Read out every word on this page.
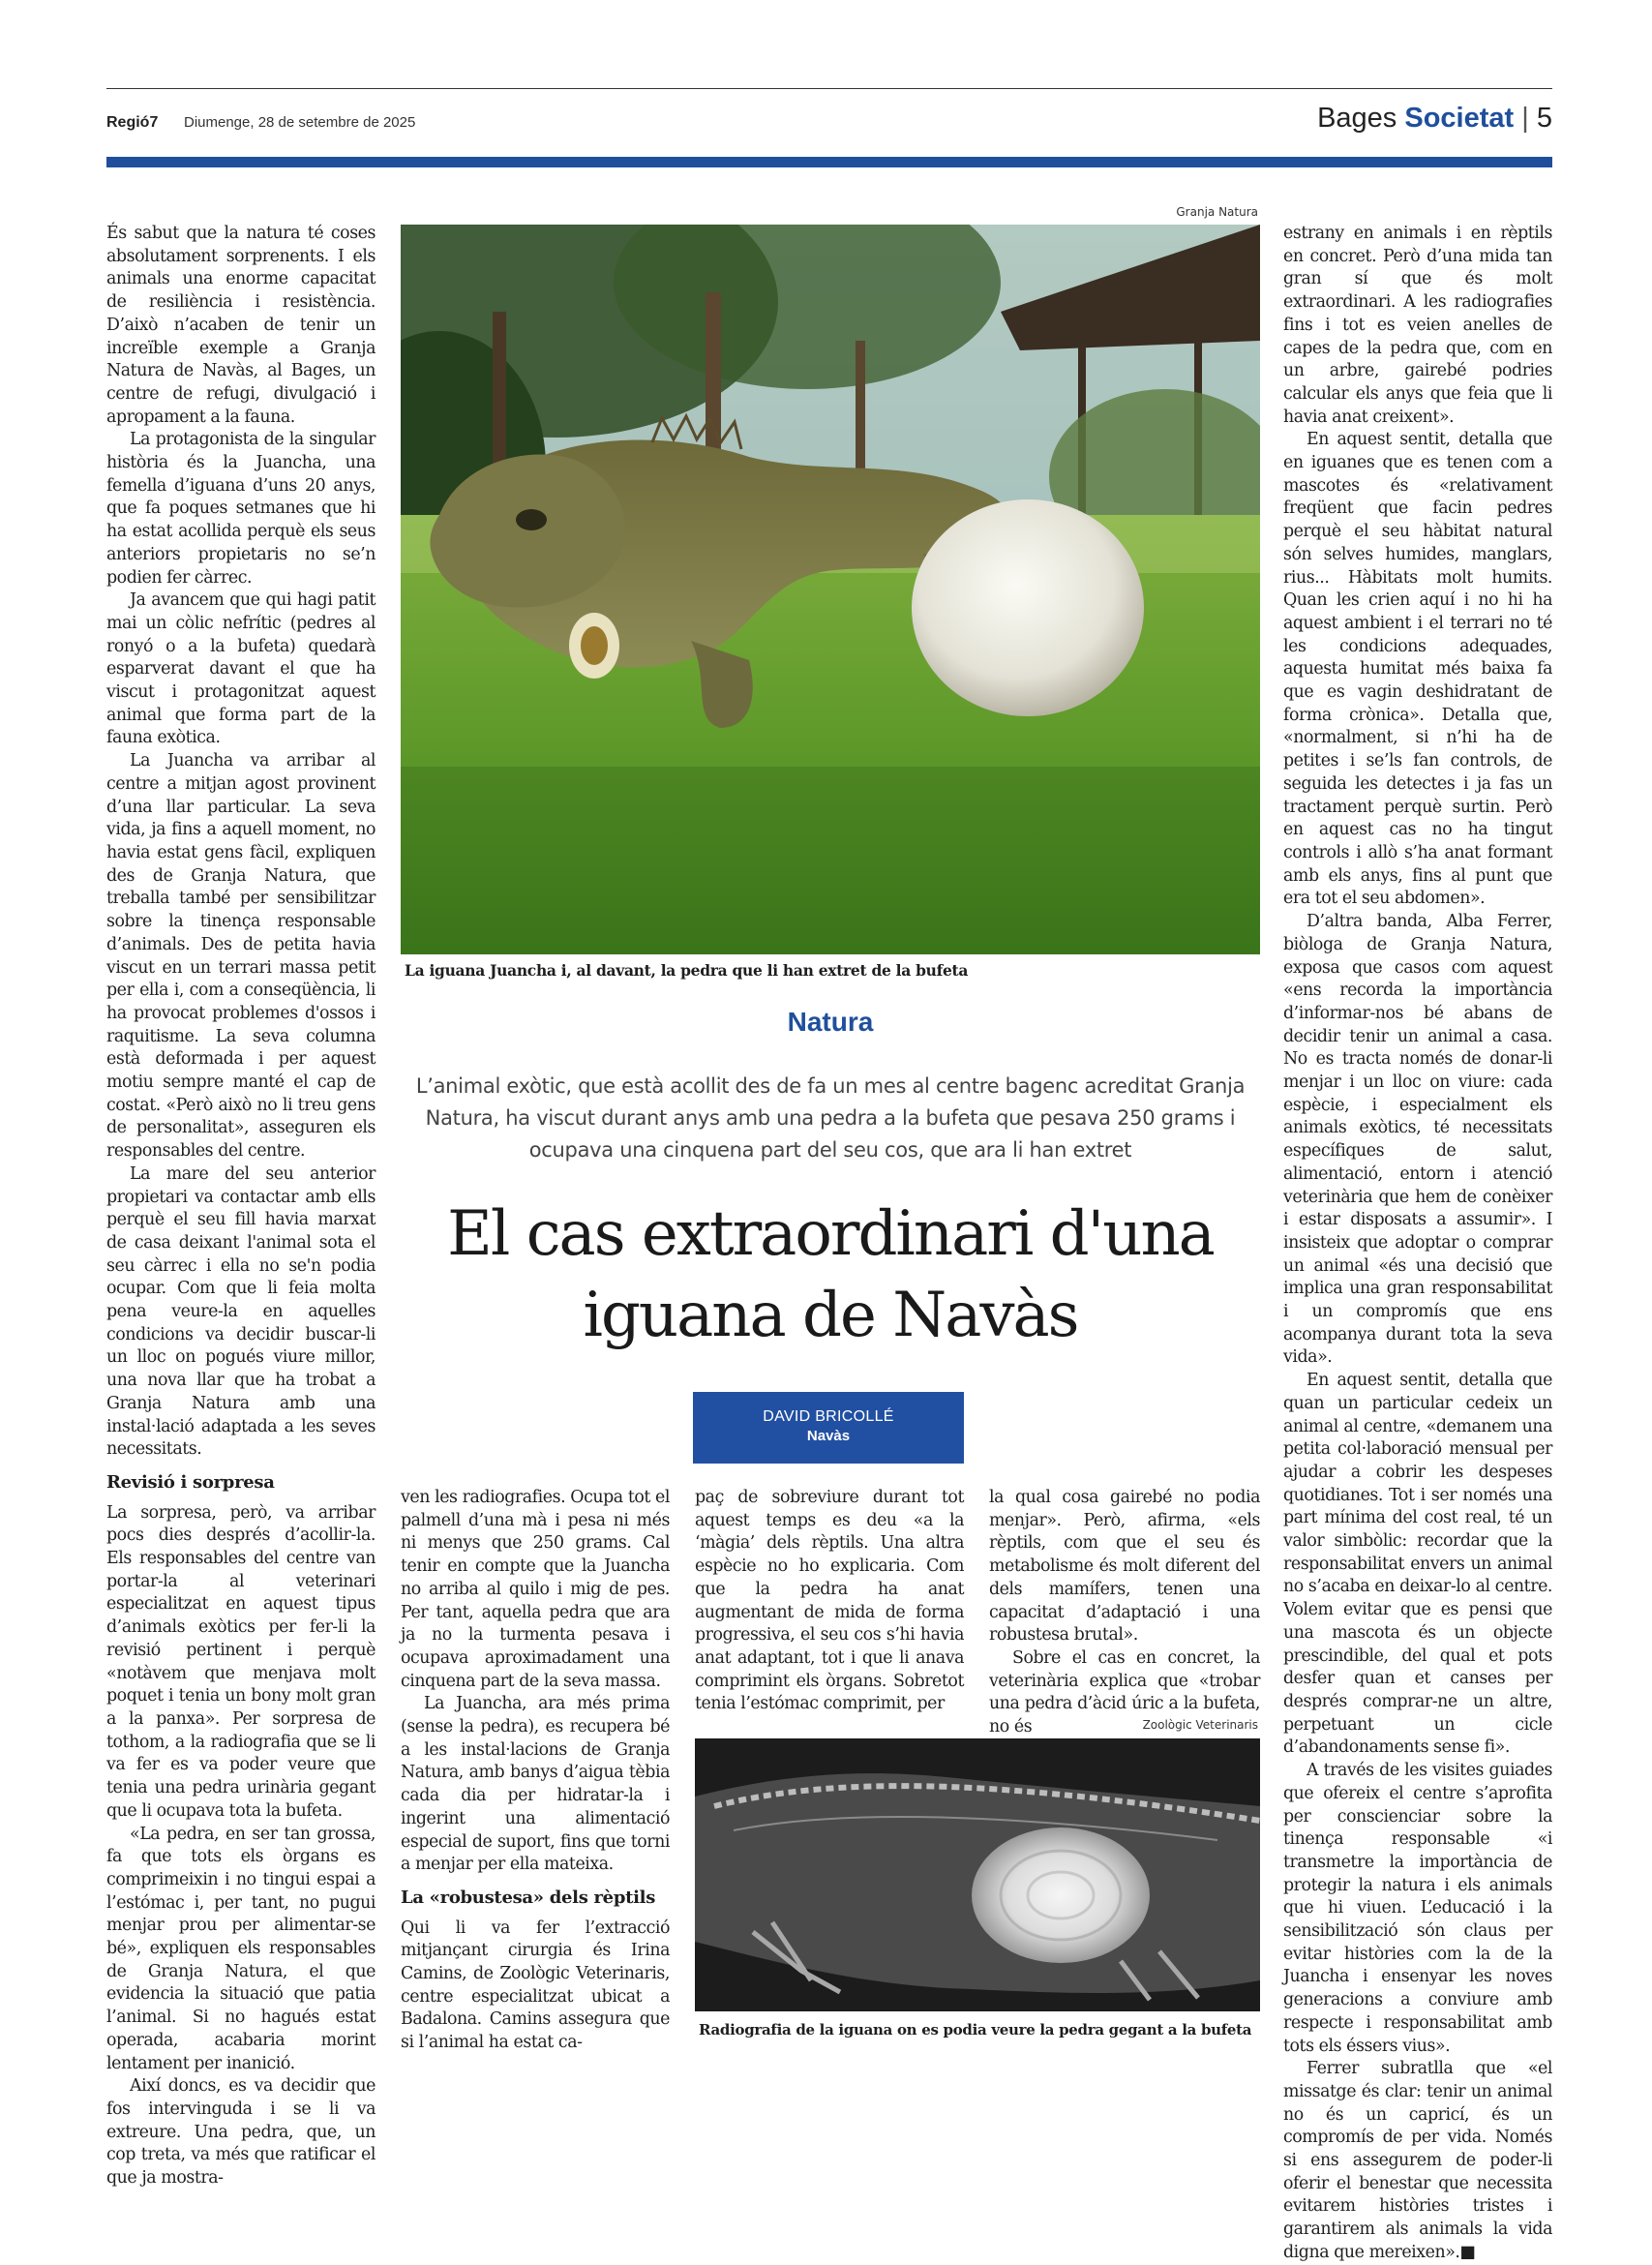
Regió7 Diumenge, 28 de setembre de 2025	Bages Societat | 5

És sabut que la natura té coses absolutament sorprenents. I els animals una enorme capacitat de resiliència i resistència. D’això n’acaben de tenir un increïble exemple a Granja Natura de Navàs, al Bages, un centre de refugi, divulgació i apropament a la fauna.

La protagonista de la singular història és la Juancha, una femella d’iguana d’uns 20 anys, que fa poques setmanes que hi ha estat acollida perquè els seus anteriors propietaris no se’n podien fer càrrec.

Ja avancem que qui hagi patit mai un còlic nefrític (pedres al ronyó o a la bufeta) quedarà esparverat davant el que ha viscut i protagonitzat aquest animal que forma part de la fauna exòtica.

La Juancha va arribar al centre a mitjan agost provinent d’una llar particular. La seva vida, ja fins a aquell moment, no havia estat gens fàcil, expliquen des de Granja Natura, que treballa també per sensibilitzar sobre la tinença responsable d’animals. Des de petita havia viscut en un terrari massa petit per ella i, com a conseqüència, li ha provocat problemes d'ossos i raquitisme. La seva columna està deformada i per aquest motiu sempre manté el cap de costat. «Però això no li treu gens de personalitat», asseguren els responsables del centre.

La mare del seu anterior propietari va contactar amb ells perquè el seu fill havia marxat de casa deixant l'animal sota el seu càrrec i ella no se'n podia ocupar. Com que li feia molta pena veure-la en aquelles condicions va decidir buscar-li un lloc on pogués viure millor, una nova llar que ha trobat a Granja Natura amb una instal·lació adaptada a les seves necessitats.

Revisió i sorpresa

La sorpresa, però, va arribar pocs dies després d’acollir-la. Els responsables del centre van portar-la al veterinari especialitzat en aquest tipus d’animals exòtics per fer-li la revisió pertinent i perquè «notàvem que menjava molt poquet i tenia un bony molt gran a la panxa». Per sorpresa de tothom, a la radiografia que se li va fer es va poder veure que tenia una pedra urinària gegant que li ocupava tota la bufeta.

«La pedra, en ser tan grossa, fa que tots els òrgans es comprimeixin i no tingui espai a l’estómac i, per tant, no pugui menjar prou per alimentar-se bé», expliquen els responsables de Granja Natura, el que evidencia la situació que patia l’animal. Si no hagués estat operada, acabaria morint lentament per inanició.

Així doncs, es va decidir que fos intervinguda i se li va extreure. Una pedra, que, un cop treta, va més que ratificar el que ja mostra-

Granja Natura
La iguana Juancha i, al davant, la pedra que li han extret de la bufeta
Natura
L’animal exòtic, que està acollit des de fa un mes al centre bagenc acreditat Granja Natura, ha viscut durant anys amb una pedra a la bufeta que pesava 250 grams i ocupava una cinquena part del seu cos, que ara li han extret
El cas extraordinari d'una
iguana de Navàs
DAVID BRICOLLÉ
Navàs

ven les radiografies. Ocupa tot el palmell d’una mà i pesa ni més ni menys que 250 grams. Cal tenir en compte que la Juancha no arriba al quilo i mig de pes. Per tant, aquella pedra que ara ja no la turmenta pesava i ocupava aproximadament una cinquena part de la seva massa.

La Juancha, ara més prima (sense la pedra), es recupera bé a les instal·lacions de Granja Natura, amb banys d’aigua tèbia cada dia per hidratar-la i ingerint una alimentació especial de suport, fins que torni a menjar per ella mateixa.

La «robustesa» dels rèptils

Qui li va fer l’extracció mitjançant cirurgia és Irina Camins, de Zoològic Veterinaris, centre especialitzat ubicat a Badalona. Camins assegura que si l’animal ha estat ca-

paç de sobreviure durant tot aquest temps es deu «a la ‘màgia’ dels rèptils. Una altra espècie no ho explicaria. Com que la pedra ha anat augmentant de mida de forma progressiva, el seu cos s’hi havia anat adaptant, tot i que li anava comprimint els òrgans. Sobretot tenia l’estómac comprimit, per

la qual cosa gairebé no podia menjar». Però, afirma, «els rèptils, com que el seu és metabolisme és molt diferent del dels mamífers, tenen una capacitat d’adaptació i una robustesa brutal».

Sobre el cas en concret, la veterinària explica que «trobar una pedra d’àcid úric a la bufeta, no és	Zoològic Veterinaris
Radiografia de la iguana on es podia veure la pedra gegant a la bufeta

estrany en animals i en rèptils en concret. Però d’una mida tan gran sí que és molt extraordinari. A les radiografies fins i tot es veien anelles de capes de la pedra que, com en un arbre, gairebé podries calcular els anys que feia que li havia anat creixent».

En aquest sentit, detalla que en iguanes que es tenen com a mascotes és «relativament freqüent que facin pedres perquè el seu hàbitat natural són selves humides, manglars, rius... Hàbitats molt humits. Quan les crien aquí i no hi ha aquest ambient i el terrari no té les condicions adequades, aquesta humitat més baixa fa que es vagin deshidratant de forma crònica». Detalla que, «normalment, si n’hi ha de petites i se’ls fan controls, de seguida les detectes i ja fas un tractament perquè surtin. Però en aquest cas no ha tingut controls i allò s’ha anat formant amb els anys, fins al punt que era tot el seu abdomen».

D’altra banda, Alba Ferrer, biòloga de Granja Natura, exposa que casos com aquest «ens recorda la importància d’informar-nos bé abans de decidir tenir un animal a casa. No es tracta només de donar-li menjar i un lloc on viure: cada espècie, i especialment els animals exòtics, té necessitats específiques de salut, alimentació, entorn i atenció veterinària que hem de conèixer i estar disposats a assumir». I insisteix que adoptar o comprar un animal «és una decisió que implica una gran responsabilitat i un compromís que ens acompanya durant tota la seva vida».

En aquest sentit, detalla que quan un particular cedeix un animal al centre, «demanem una petita col·laboració mensual per ajudar a cobrir les despeses quotidianes. Tot i ser només una part mínima del cost real, té un valor simbòlic: recordar que la responsabilitat envers un animal no s’acaba en deixar-lo al centre. Volem evitar que es pensi que una mascota és un objecte prescindible, del qual et pots desfer quan et canses per després comprar-ne un altre, perpetuant un cicle d’abandonaments sense fi».

A través de les visites guiades que ofereix el centre s’aprofita per conscienciar sobre la tinença responsable «i transmetre la importància de protegir la natura i els animals que hi viuen. L’educació i la sensibilització són claus per evitar històries com la de la Juancha i ensenyar les noves generacions a conviure amb respecte i responsabilitat amb tots els éssers vius».

Ferrer subratlla que «el missatge és clar: tenir un animal no és un capricí, és un compromís de per vida. Només si ens assegurem de poder-li oferir el benestar que necessita evitarem històries tristes i garantirem als animals la vida digna que mereixen».■
